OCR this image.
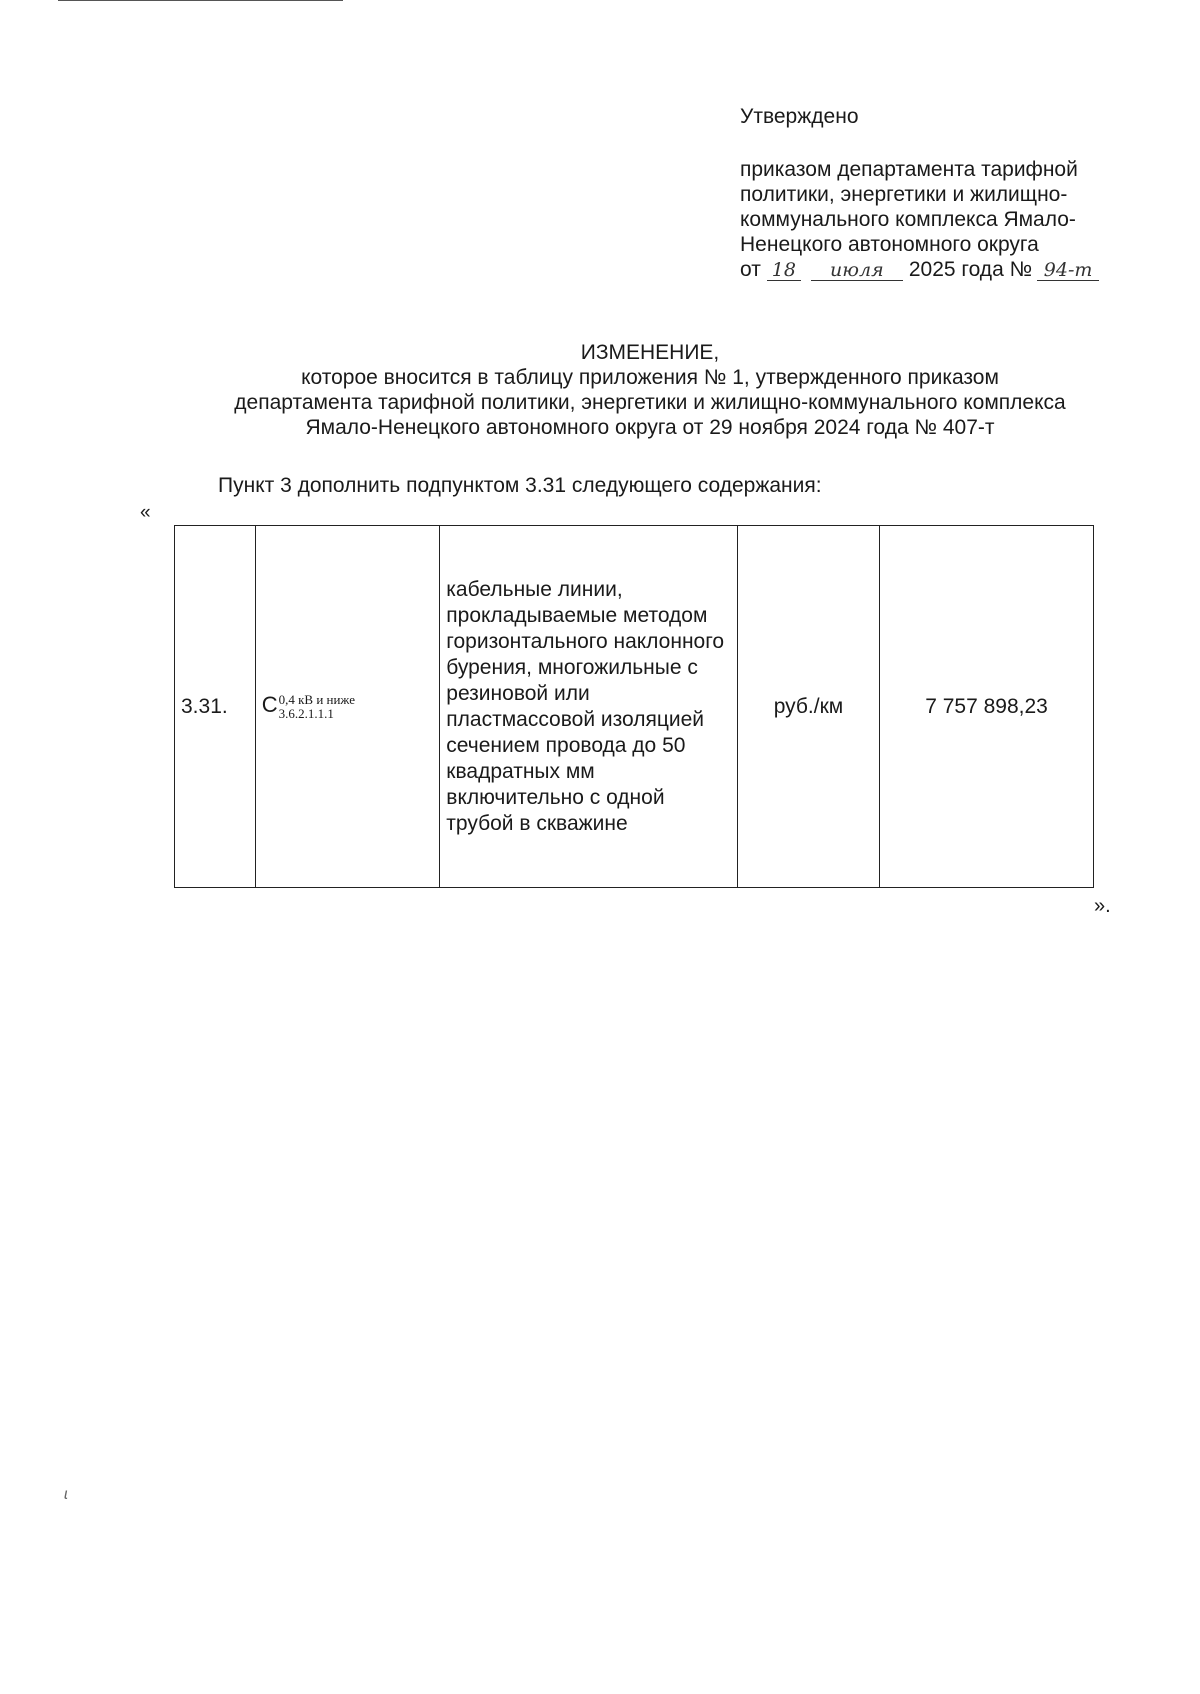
Утверждено
приказом департамента тарифной
политики, энергетики и жилищно-
коммунального комплекса Ямало-
Ненецкого автономного округа
от 18 июля 2025 года № 94-т
ИЗМЕНЕНИЕ,
которое вносится в таблицу приложения № 1, утвержденного приказом
департамента тарифной политики, энергетики и жилищно-коммунального комплекса
Ямало-Ненецкого автономного округа от 29 ноября 2024 года № 407-т
Пункт 3 дополнить подпунктом 3.31 следующего содержания:
«
3.31.	C 0,4 кВ и ниже
3.6.2.1.1.1
	кабельные линии, прокладываемые методом горизонтального наклонного бурения, многожильные с резиновой или пластмассовой изоляцией сечением провода до 50 квадратных мм включительно с одной трубой в скважине	руб./км	7 757 898,23
».
ɩ
